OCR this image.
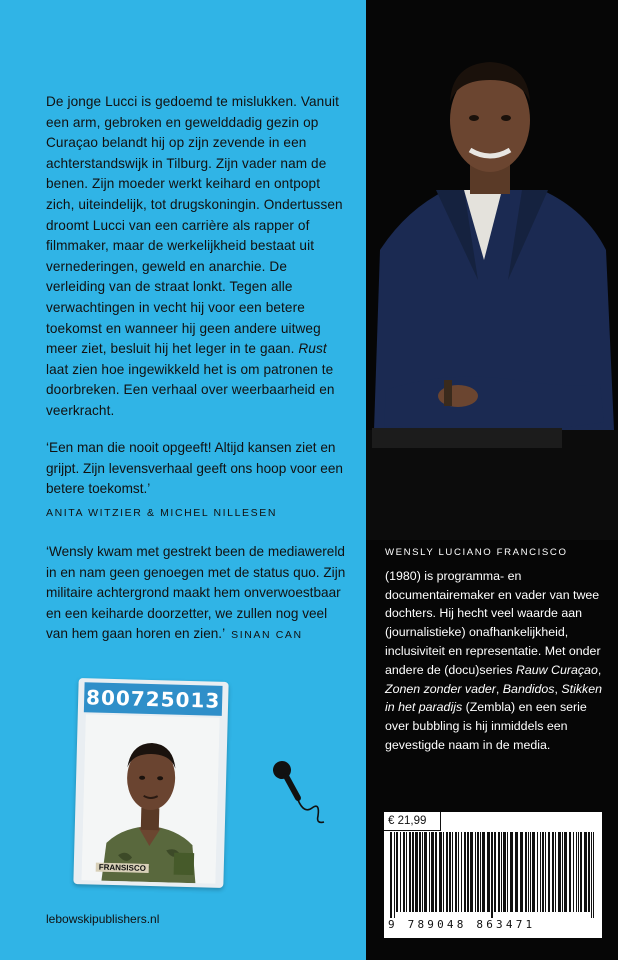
De jonge Lucci is gedoemd te mislukken. Vanuit een arm, gebroken en gewelddadig gezin op Curaçao belandt hij op zijn zevende in een achterstandswijk in Tilburg. Zijn vader nam de benen. Zijn moeder werkt keihard en ontpopt zich, uiteindelijk, tot drugskoningin. Ondertussen droomt Lucci van een carrière als rapper of filmmaker, maar de werkelijkheid bestaat uit vernederingen, geweld en anarchie. De verleiding van de straat lonkt. Tegen alle verwachtingen in vecht hij voor een betere toekomst en wanneer hij geen andere uitweg meer ziet, besluit hij het leger in te gaan. Rust laat zien hoe ingewikkeld het is om patronen te doorbreken. Een verhaal over weerbaarheid en veerkracht.

‘Een man die nooit opgeeft! Altijd kansen ziet en grijpt. Zijn levensverhaal geeft ons hoop voor een betere toekomst.’
ANITA WITZIER & MICHEL NILLESEN
‘Wensly kwam met gestrekt been de mediawereld in en nam geen genoegen met de status quo. Zijn militaire achtergrond maakt hem onverwoestbaar en een keiharde doorzetter, we zullen nog veel van hem gaan horen en zien.’ SINAN CAN
800725013
FRANSISCO
lebowskipublishers.nl
WENSLY LUCIANO FRANCISCO

(1980) is programma- en documentairemaker en vader van twee dochters. Hij hecht veel waarde aan (journalistieke) onafhankelijkheid, inclusiviteit en representatie. Met onder andere de (docu)series Rauw Curaçao, Zonen zonder vader, Bandidos, Stikken in het paradijs (Zembla) en een serie over bubbling is hij inmiddels een gevestigde naam in de media.

€ 21,99
9 789048 863471
